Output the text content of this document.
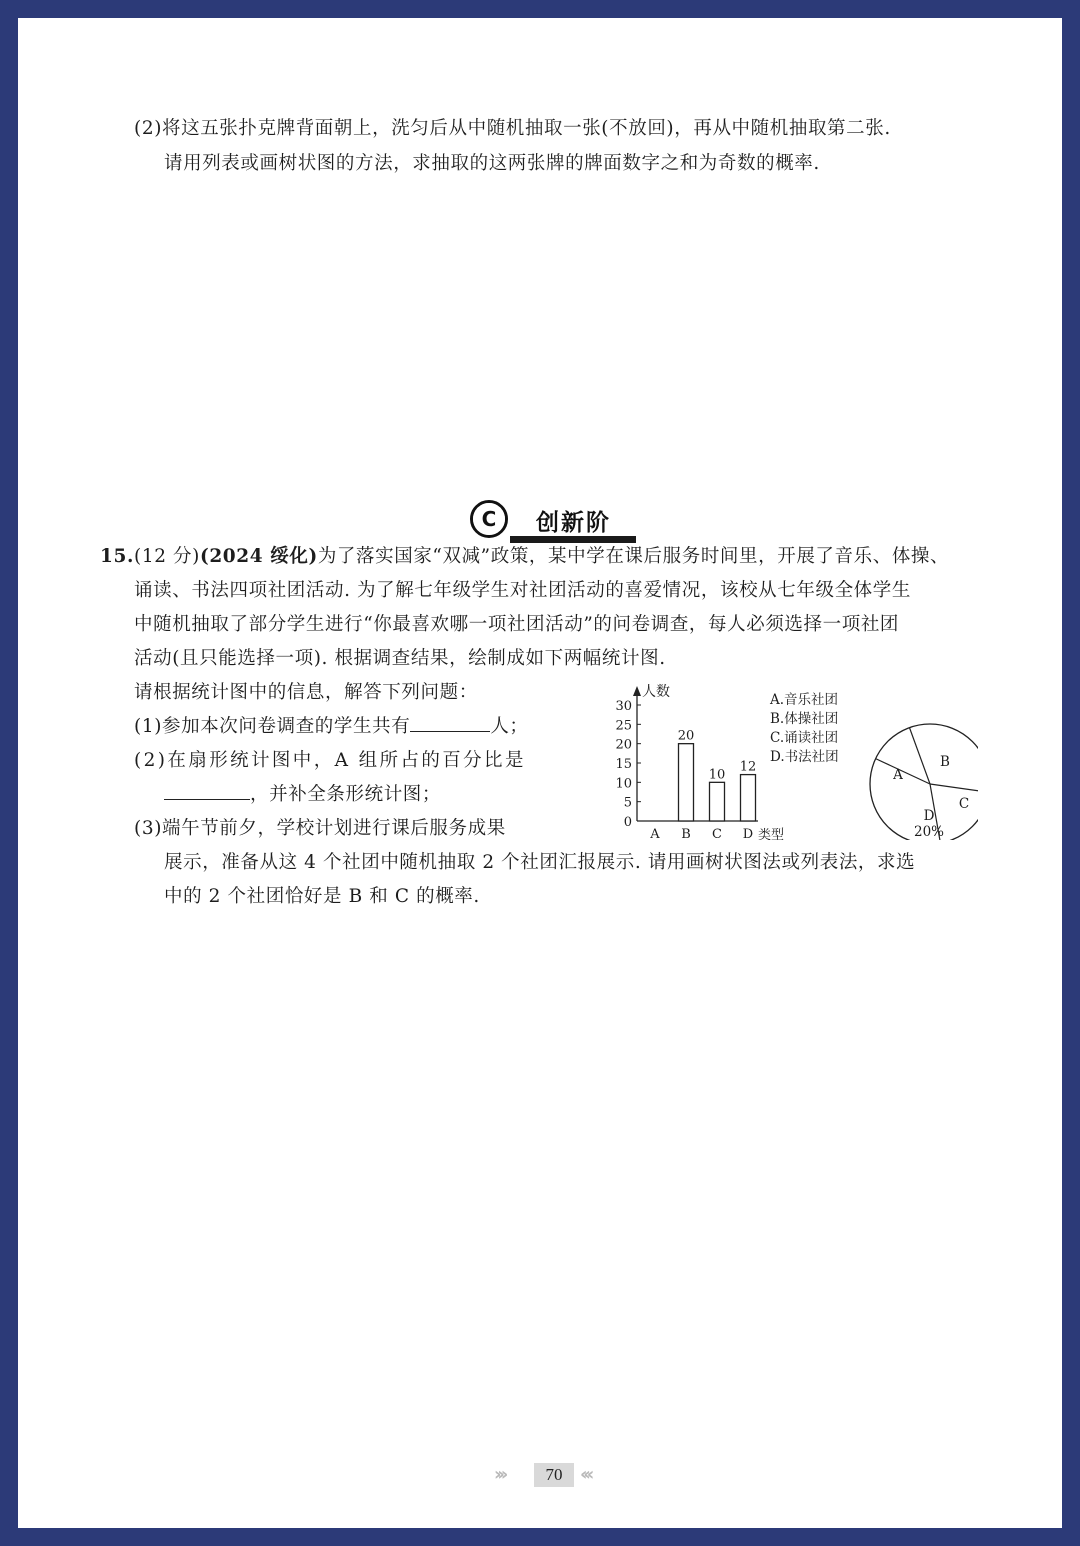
(2)将这五张扑克牌背面朝上，洗匀后从中随机抽取一张(不放回)，再从中随机抽取第二张.
请用列表或画树状图的方法，求抽取的这两张牌的牌面数字之和为奇数的概率.
C 创新阶
15.(12 分)(2024 绥化)为了落实国家“双减”政策，某中学在课后服务时间里，开展了音乐、体操、
诵读、书法四项社团活动. 为了解七年级学生对社团活动的喜爱情况，该校从七年级全体学生
中随机抽取了部分学生进行“你最喜欢哪一项社团活动”的问卷调查，每人必须选择一项社团
活动(且只能选择一项). 根据调查结果，绘制成如下两幅统计图.
请根据统计图中的信息，解答下列问题：
(1)参加本次问卷调查的学生共有	人；
(2)在扇形统计图中，A 组所占的百分比是
，并补全条形统计图；
(3)端午节前夕，学校计划进行课后服务成果
展示，准备从这 4 个社团中随机抽取 2 个社团汇报展示. 请用画树状图法或列表法，求选
中的 2 个社团恰好是 B 和 C 的概率.
人数
类型
0
5
10
15
20
25
30
A B
20
C
10
D
12
A.音乐社团
B.体操社团
C.诵读社团
D.书法社团
A
B
C
D
20%
›››	70 ‹‹‹
